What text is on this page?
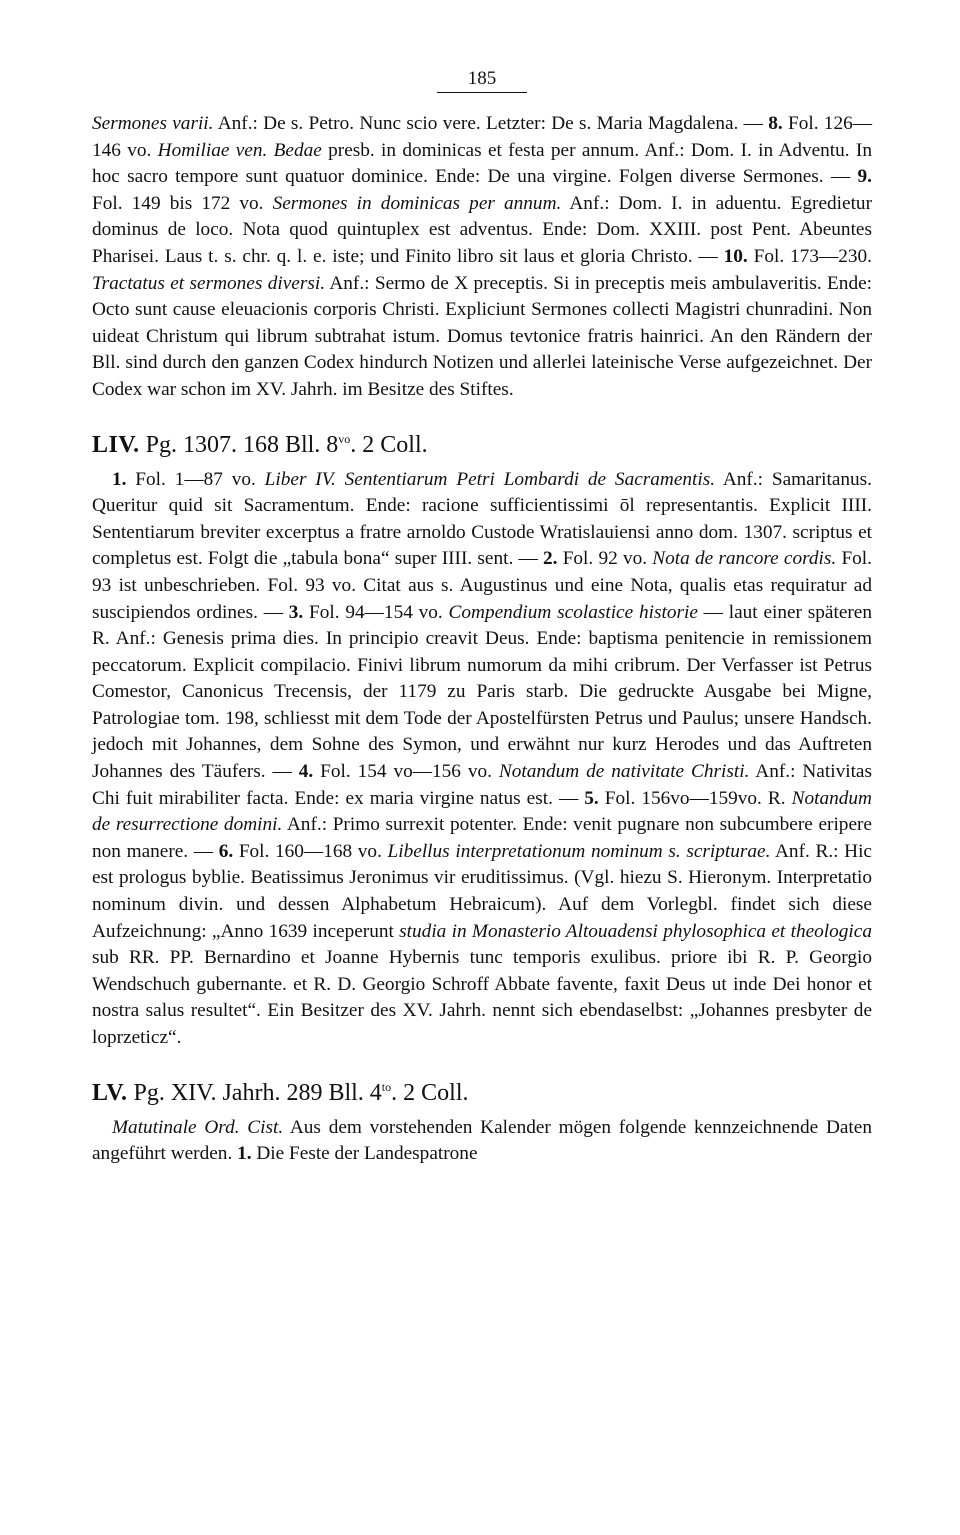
185

Sermones varii. Anf.: De s. Petro. Nunc scio vere. Letzter: De s. Maria Magdalena. — 8. Fol. 126—146 vo. Homiliae ven. Bedae presb. in dominicas et festa per annum. Anf.: Dom. I. in Adventu. In hoc sacro tempore sunt quatuor dominice. Ende: De una virgine. Folgen diverse Sermones. — 9. Fol. 149 bis 172 vo. Sermones in dominicas per annum. Anf.: Dom. I. in aduentu. Egredietur dominus de loco. Nota quod quintuplex est adventus. Ende: Dom. XXIII. post Pent. Abeuntes Pharisei. Laus t. s. chr. q. l. e. iste; und Finito libro sit laus et gloria Christo. — 10. Fol. 173—230. Tractatus et sermones diversi. Anf.: Sermo de X preceptis. Si in preceptis meis ambulaveritis. Ende: Octo sunt cause eleuacionis corporis Christi. Expliciunt Sermones collecti Magistri chunradini. Non uideat Christum qui librum subtrahat istum. Domus tevtonice fratris hainrici. An den Rändern der Bll. sind durch den ganzen Codex hindurch Notizen und allerlei lateinische Verse aufgezeichnet. Der Codex war schon im XV. Jahrh. im Besitze des Stiftes.

LIV. Pg. 1307. 168 Bll. $8^{vo}$. 2 Coll.

1. Fol. 1—87 vo. Liber IV. Sententiarum Petri Lombardi de Sacramentis. Anf.: Samaritanus. Queritur quid sit Sacramentum. Ende: racione sufficientissimi ōl representantis. Explicit IIII. Sententiarum breviter excerptus a fratre arnoldo Custode Wratislauiensi anno dom. 1307. scriptus et completus est. Folgt die „tabula bona“ super IIII. sent. — 2. Fol. 92 vo. Nota de rancore cordis. Fol. 93 ist unbeschrieben. Fol. 93 vo. Citat aus s. Augustinus und eine Nota, qualis etas requiratur ad suscipiendos ordines. — 3. Fol. 94—154 vo. Compendium scolastice historie — laut einer späteren R. Anf.: Genesis prima dies. In principio creavit Deus. Ende: baptisma penitencie in remissionem peccatorum. Explicit compilacio. Finivi librum numorum da mihi cribrum. Der Verfasser ist Petrus Comestor, Canonicus Trecensis, der 1179 zu Paris starb. Die gedruckte Ausgabe bei Migne, Patrologiae tom. 198, schliesst mit dem Tode der Apostelfürsten Petrus und Paulus; unsere Handsch. jedoch mit Johannes, dem Sohne des Symon, und erwähnt nur kurz Herodes und das Auftreten Johannes des Täufers. — 4. Fol. 154 vo—156 vo. Notandum de nativitate Christi. Anf.: Nativitas Chi fuit mirabiliter facta. Ende: ex maria virgine natus est. — 5. Fol. 156vo—159vo. R. Notandum de resurrectione domini. Anf.: Primo surrexit potenter. Ende: venit pugnare non subcumbere eripere non manere. — 6. Fol. 160—168 vo. Libellus interpretationum nominum s. scripturae. Anf. R.: Hic est prologus byblie. Beatissimus Jeronimus vir eruditissimus. (Vgl. hiezu S. Hieronym. Interpretatio nominum divin. und dessen Alphabetum Hebraicum). Auf dem Vorlegbl. findet sich diese Aufzeichnung: „Anno 1639 inceperunt studia in Monasterio Altouadensi phylosophica et theologica sub RR. PP. Bernardino et Joanne Hybernis tunc temporis exulibus. priore ibi R. P. Georgio Wendschuch gubernante. et R. D. Georgio Schroff Abbate favente, faxit Deus ut inde Dei honor et nostra salus resultet“. Ein Besitzer des XV. Jahrh. nennt sich ebendaselbst: „Johannes presbyter de loprzeticz“.

LV. Pg. XIV. Jahrh. 289 Bll. $4^{to}$. 2 Coll.

Matutinale Ord. Cist. Aus dem vorstehenden Kalender mögen folgende kennzeichnende Daten angeführt werden. 1. Die Feste der Landespatrone
